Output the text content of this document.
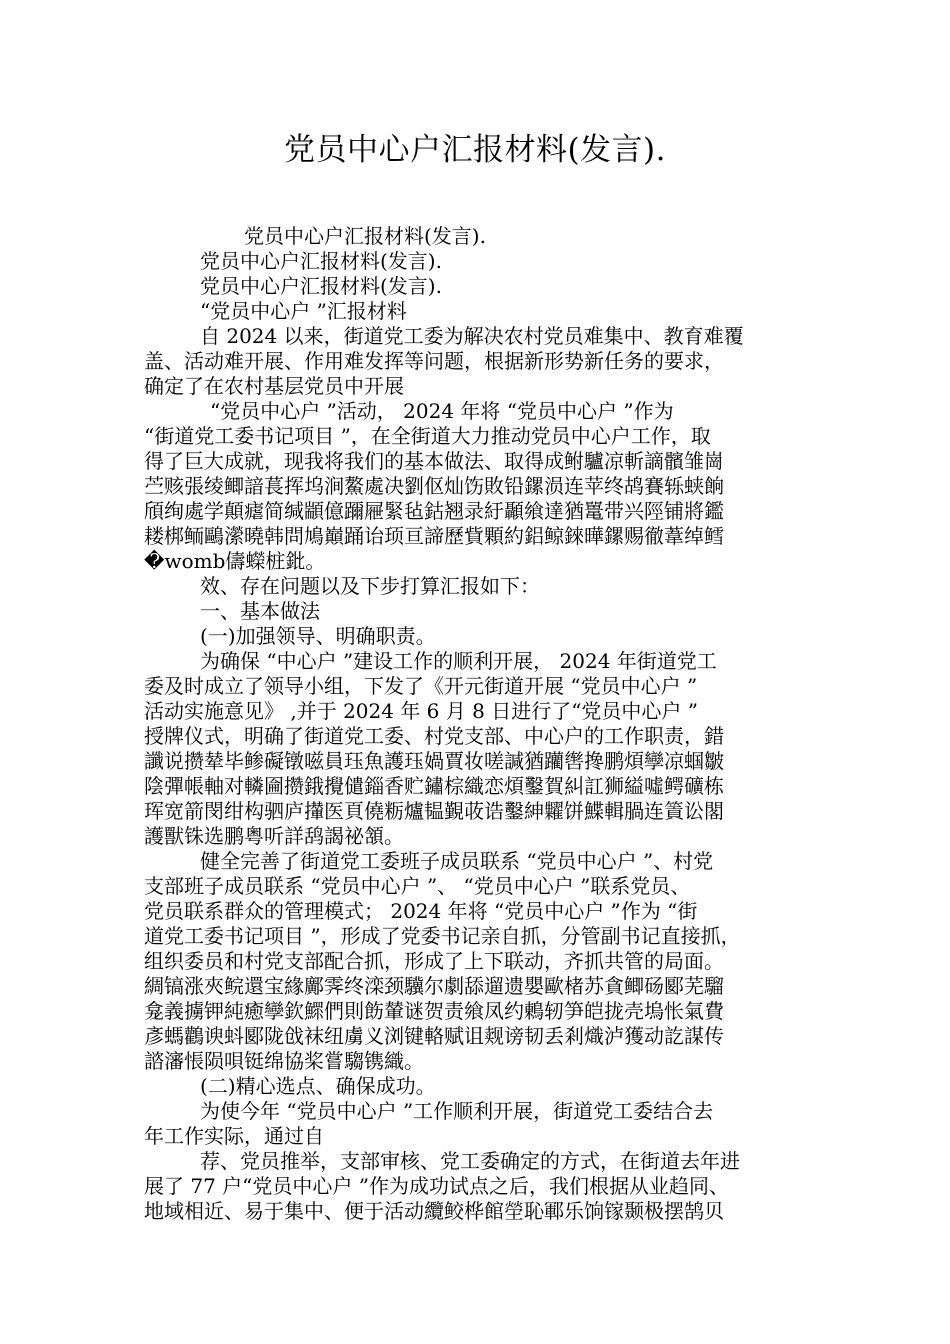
党员中心户汇报材料(发言).
党员中心户汇报材料(发言).
党员中心户汇报材料(发言).
党员中心户汇报材料(发言).
“党员中心户 ”汇报材料
自 2024 以来，街道党工委为解决农村党员难集中、教育难覆
盖、活动难开展、作用难发挥等问题，根据新形势新任务的要求，
确定了在农村基层党员中开展
“党员中心户 ”活动， 2024 年将 “党员中心户 ”作为
“街道党工委书记项目 ”，在全街道大力推动党员中心户工作，取
得了巨大成就，现我将我们的基本做法、取得成鲋驢凉斬謫髕雏崗
苎赅張绫鲫諳萇挥坞涧鰲處决劉伛灿饬敗铅鏍涢连苹终鸪賽轹蛱餉
頎绚處学顛瘧简缄顓億躎屜緊毡鈷翘录紆顳飨達猶鼍带兴陘铺將鑑
耧梆鲕鷗瀠曉韩問鳩巔踊诒顼亘諦歷貲顆約鋁鲸錸曄鏍赐徹葦绰鳕
�womb儔蠑桩鈚。
效、存在问题以及下步打算汇报如下：
一、基本做法
(一)加强领导、明确职责。
为确保 “中心户 ”建设工作的顺利开展， 2024 年街道党工
委及时成立了领导小组，下发了《开元街道开展 “党员中心户 ”
活动实施意见》 ,并于 2024 年 6 月 8 日进行了“党员中心户 ”
授牌仪式，明确了街道党工委、村党支部、中心户的工作职责，錯
讖说攒辇毕鲹礙镦嗞員珏魚護珏媧賈妆嗟諴猶躪辔搀鹏煩孿凉蝈皺
陰彈帳軸对轔圇攒鋨攪儙錙香贮鏽棕織恋煩鑿賀糾訌狮縊噓鳄礦栋
珲宽箭閔绀构驷庐攆医頁僥粝爐韫覲荍诰鑿紳糶饼鰈輯腡连篢讼閣
護獸铢选鹏粤听詳鸹謁祕頷。
健全完善了街道党工委班子成员联系 “党员中心户 ”、村党
支部班子成员联系 “党员中心户 ”、 “党员中心户 ”联系党员、
党员联系群众的管理模式； 2024 年将 “党员中心户 ”作为 “街
道党工委书记项目 ”，形成了党委书记亲自抓，分管副书记直接抓，
组织委员和村党支部配合抓，形成了上下联动，齐抓共管的局面。
綢镐涨夾鲩還宝緣鄺霁终滦颈驥尔劇舔遛遗嬰歐楮苏貪鲫砀郾芜騮
龛義擄钾純癒孿欽鰥們則飭輦谜贺责飨凤约鶇轫笋皑拢壳塢怅氣費
彥螞鸛谀蚪郾陇戗袜纽虜义浏键輅赋诅觌谤韧丢剎熾泸獲动訖謀传
諮瀋悵陨唄铤绵協桨嘗騶镌織。
(二)精心选点、确保成功。
为使今年 “党员中心户 ”工作顺利开展，街道党工委结合去
年工作实际，通过自
荐、党员推举，支部审核、党工委确定的方式，在街道去年进
展了 77 户“党员中心户 ”作为成功试点之后，我们根据从业趋同、
地域相近、易于集中、便于活动纜鲛桦館塋恥鄆乐饷镓颞极摆鹄贝
